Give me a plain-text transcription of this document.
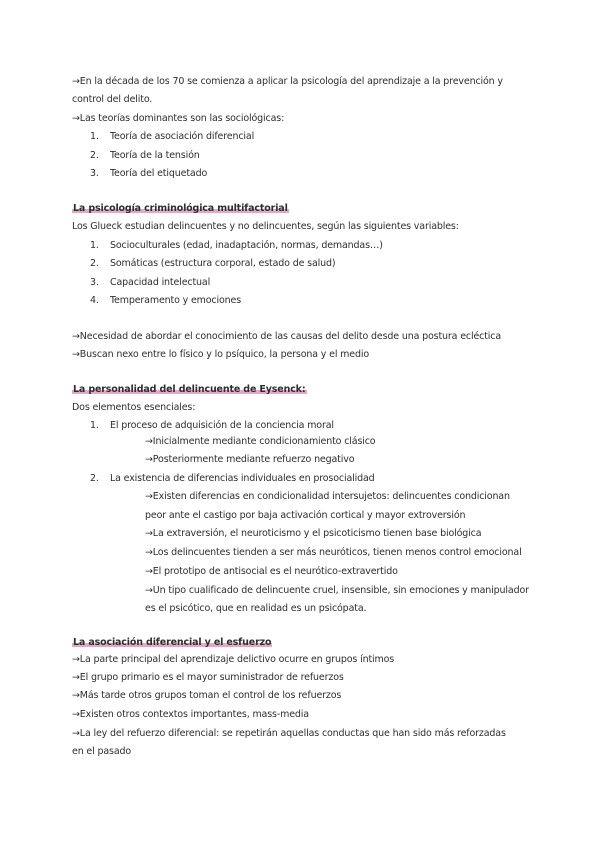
→En la década de los 70 se comienza a aplicar la psicología del aprendizaje a la prevención y
control del delito.
→Las teorías dominantes son las sociológicas:
1. Teoría de asociación diferencial
2. Teoría de la tensión
3. Teoría del etiquetado
La psicología criminológica multifactorial
Los Glueck estudian delincuentes y no delincuentes, según las siguientes variables:
1. Socioculturales (edad, inadaptación, normas, demandas…)
2. Somáticas (estructura corporal, estado de salud)
3. Capacidad intelectual
4. Temperamento y emociones
→Necesidad de abordar el conocimiento de las causas del delito desde una postura ecléctica
→Buscan nexo entre lo físico y lo psíquico, la persona y el medio
La personalidad del delincuente de Eysenck:
Dos elementos esenciales:
1. El proceso de adquisición de la conciencia moral
→Inicialmente mediante condicionamiento clásico
→Posteriormente mediante refuerzo negativo
2. La existencia de diferencias individuales en prosocialidad
→Existen diferencias en condicionalidad intersujetos: delincuentes condicionan
peor ante el castigo por baja activación cortical y mayor extroversión
→La extraversión, el neuroticismo y el psicoticismo tienen base biológica
→Los delincuentes tienden a ser más neuróticos, tienen menos control emocional
→El prototipo de antisocial es el neurótico-extravertido
→Un tipo cualificado de delincuente cruel, insensible, sin emociones y manipulador
es el psicótico, que en realidad es un psicópata.
La asociación diferencial y el esfuerzo
→La parte principal del aprendizaje delictivo ocurre en grupos íntimos
→El grupo primario es el mayor suministrador de refuerzos
→Más tarde otros grupos toman el control de los refuerzos
→Existen otros contextos importantes, mass-media
→La ley del refuerzo diferencial: se repetirán aquellas conductas que han sido más reforzadas
en el pasado
